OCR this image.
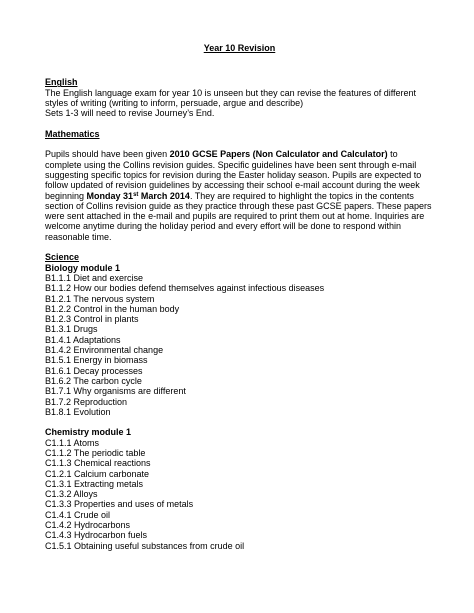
Year 10 Revision
English

The English language exam for year 10 is unseen but they can revise the features of different styles of writing (writing to inform, persuade, argue and describe)

Sets 1-3 will need to revise Journey’s End.

Mathematics

Pupils should have been given 2010 GCSE Papers (Non Calculator and Calculator) to complete using the Collins revision guides. Specific guidelines have been sent through e-mail suggesting specific topics for revision during the Easter holiday season. Pupils are expected to follow updated of revision guidelines by accessing their school e-mail account during the week beginning Monday 31st March 2014. They are required to highlight the topics in the contents section of Collins revision guide as they practice through these past GCSE papers. These papers were sent attached in the e-mail and pupils are required to print them out at home. Inquiries are welcome anytime during the holiday period and every effort will be done to respond within reasonable time.

Science
Biology module 1
B1.1.1 Diet and exercise
B1.1.2 How our bodies defend themselves against infectious diseases
B1.2.1 The nervous system
B1.2.2 Control in the human body
B1.2.3 Control in plants
B1.3.1 Drugs
B1.4.1 Adaptations
B1.4.2 Environmental change
B1.5.1 Energy in biomass
B1.6.1 Decay processes
B1.6.2 The carbon cycle
B1.7.1 Why organisms are different
B1.7.2 Reproduction
B1.8.1 Evolution
Chemistry module 1
C1.1.1 Atoms
C1.1.2 The periodic table
C1.1.3 Chemical reactions
C1.2.1 Calcium carbonate
C1.3.1 Extracting metals
C1.3.2 Alloys
C1.3.3 Properties and uses of metals
C1.4.1 Crude oil
C1.4.2 Hydrocarbons
C1.4.3 Hydrocarbon fuels
C1.5.1 Obtaining useful substances from crude oil
